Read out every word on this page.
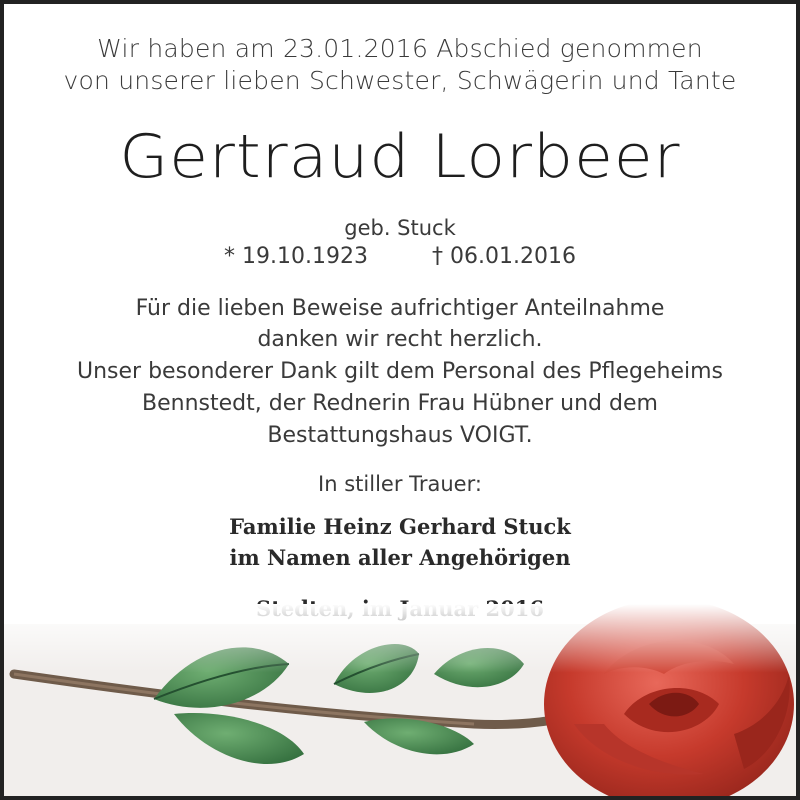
Wir haben am 23.01.2016 Abschied genommen
von unserer lieben Schwester, Schwägerin und Tante
Gertraud Lorbeer
geb. Stuck
* 19.10.1923	† 06.01.2016
Für die lieben Beweise aufrichtiger Anteilnahme
danken wir recht herzlich.
Unser besonderer Dank gilt dem Personal des Pflegeheims
Bennstedt, der Rednerin Frau Hübner und dem
Bestattungshaus VOIGT.
In stiller Trauer:
Familie Heinz Gerhard Stuck
im Namen aller Angehörigen
